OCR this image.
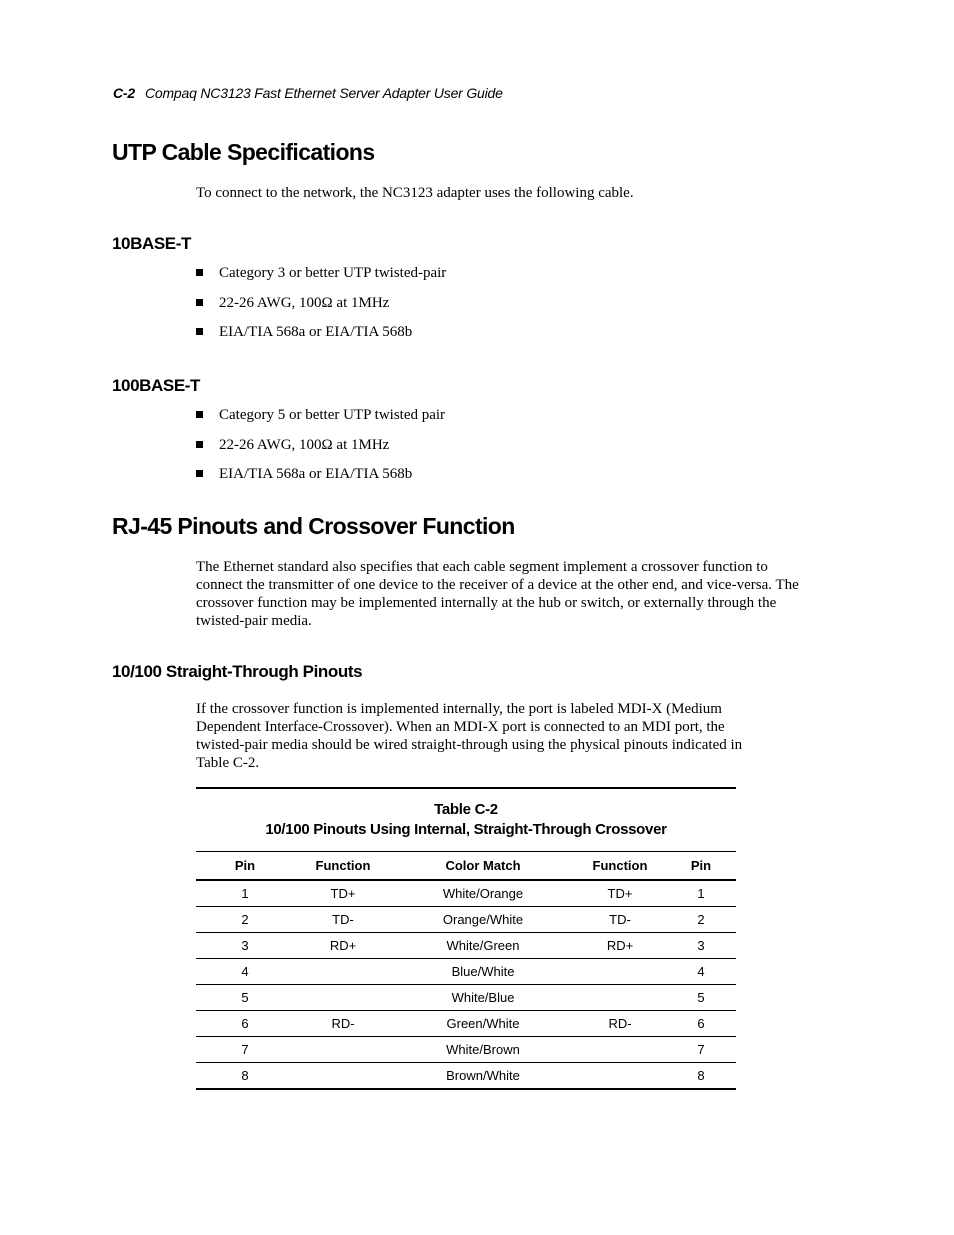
C-2 Compaq NC3123 Fast Ethernet Server Adapter User Guide
UTP Cable Specifications

To connect to the network, the NC3123 adapter uses the following cable.

10BASE-T
Category 3 or better UTP twisted-pair
22-26 AWG, 100Ω at 1MHz
EIA/TIA 568a or EIA/TIA 568b
100BASE-T
Category 5 or better UTP twisted pair
22-26 AWG, 100Ω at 1MHz
EIA/TIA 568a or EIA/TIA 568b
RJ-45 Pinouts and Crossover Function

The Ethernet standard also specifies that each cable segment implement a crossover function to connect the transmitter of one device to the receiver of a device at the other end, and vice-versa. The crossover function may be implemented internally at the hub or switch, or externally through the twisted-pair media.

10/100 Straight-Through Pinouts

If the crossover function is implemented internally, the port is labeled MDI-X (Medium Dependent Interface-Crossover). When an MDI-X port is connected to an MDI port, the twisted-pair media should be wired straight-through using the physical pinouts indicated in Table C-2.

Table C-2
10/100 Pinouts Using Internal, Straight-Through Crossover
Pin	Function	Color Match	Function	Pin
1	TD+	White/Orange	TD+	1
2	TD-	Orange/White	TD-	2
3	RD+	White/Green	RD+	3
4		Blue/White		4
5		White/Blue		5
6	RD-	Green/White	RD-	6
7		White/Brown		7
8		Brown/White		8
